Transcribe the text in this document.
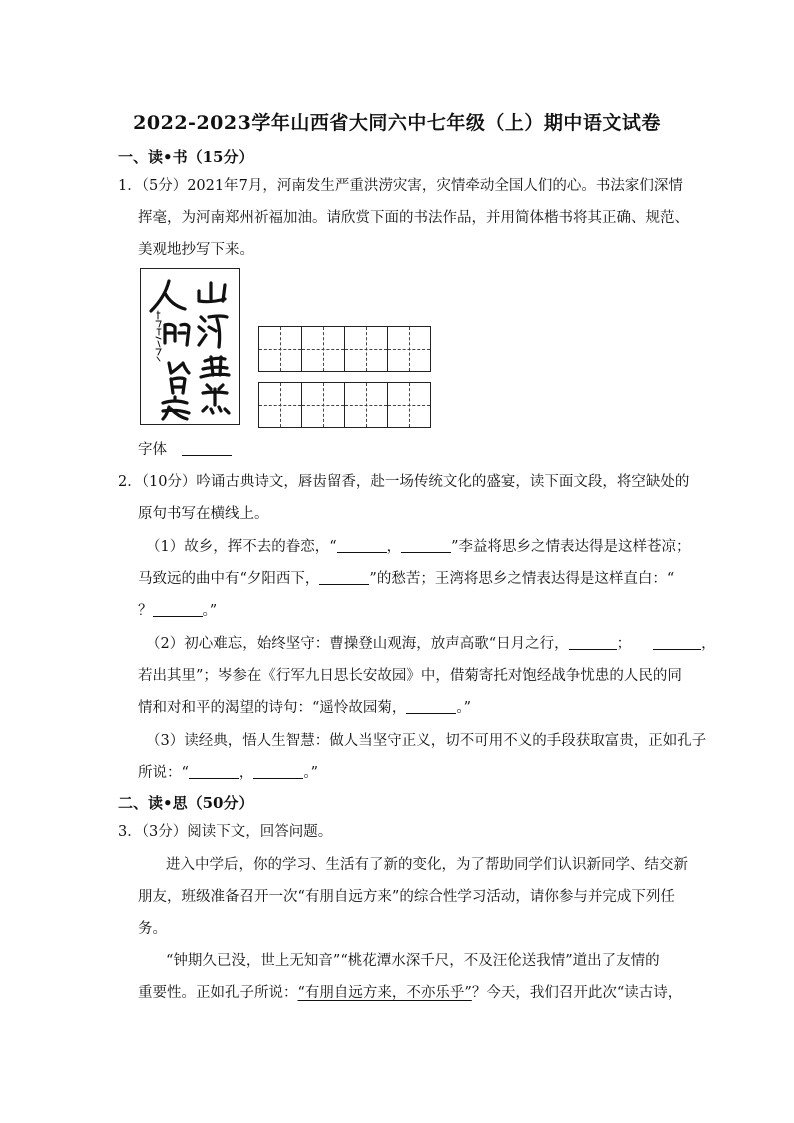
2022-2023学年山西省大同六中七年级（上）期中语文试卷
一、读•书（15分）
1．（5分）2021年7月，河南发生严重洪涝灾害，灾情牵动全国人们的心。书法家们深情
挥毫，为河南郑州祈福加油。请欣赏下面的书法作品，并用简体楷书将其正确、规范、
美观地抄写下来。
字体
2．（10分）吟诵古典诗文，唇齿留香，赴一场传统文化的盛宴，读下面文段，将空缺处的
原句书写在横线上。
（1）故乡，挥不去的眷恋，“	，	”李益将思乡之情表达得是这样苍凉；
马致远的曲中有“夕阳西下，	”的愁苦；王湾将思乡之情表达得是这样直白：“
？	。”
（2）初心难忘，始终坚守：曹操登山观海，放声高歌“日月之行，	；	，
若出其里”；岑参在《行军九日思长安故园》中，借菊寄托对饱经战争忧患的人民的同
情和对和平的渴望的诗句：“遥怜故园菊，	。”
（3）读经典，悟人生智慧：做人当坚守正义，切不可用不义的手段获取富贵，正如孔子
所说：“	，	。”
二、读•思（50分）
3．（3分）阅读下文，回答问题。
进入中学后，你的学习、生活有了新的变化，为了帮助同学们认识新同学、结交新
朋友，班级准备召开一次“有朋自远方来”的综合性学习活动，请你参与并完成下列任
务。
“钟期久已没，世上无知音”“桃花潭水深千尺，不及汪伦送我情”道出了友情的
重要性。正如孔子所说：“有朋自远方来，不亦乐乎”？今天，我们召开此次“读古诗，
